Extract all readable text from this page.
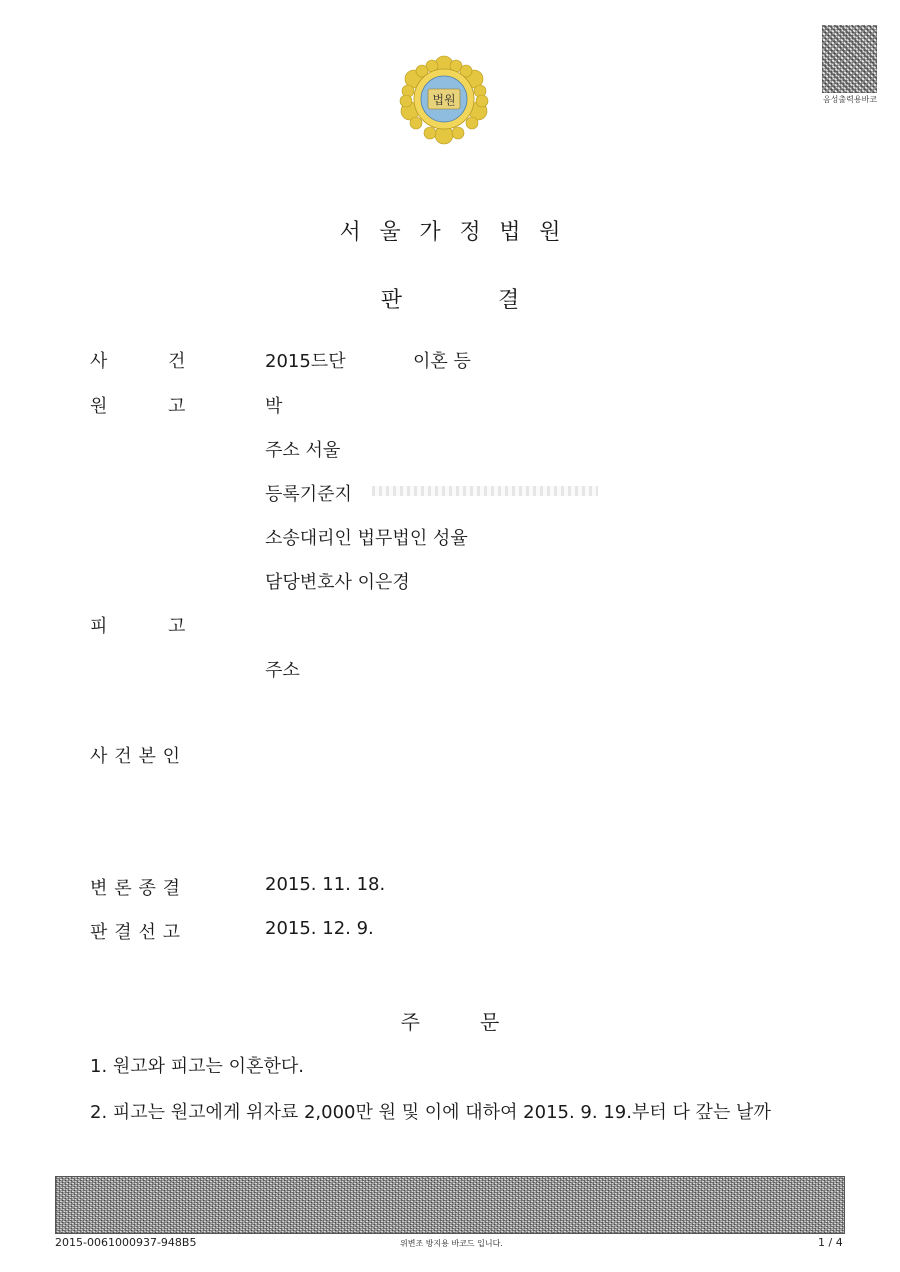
법원	음성출력용바코
서울가정법원
판	결
사	건	2015드단	이혼 등
원	고	박
주소 서울
등록기준지
소송대리인 법무법인 성율
담당변호사 이은경
피	고
주소
사건본인
변론종결	2015. 11. 18.
판결선고	2015. 12. 9.
주	문
1. 원고와 피고는 이혼한다.
2. 피고는 원고에게 위자료 2,000만 원 및 이에 대하여 2015. 9. 19.부터 다 갚는 날까
2015-0061000937-948B5	위변조 방지용 바코드 입니다.	1 / 4
